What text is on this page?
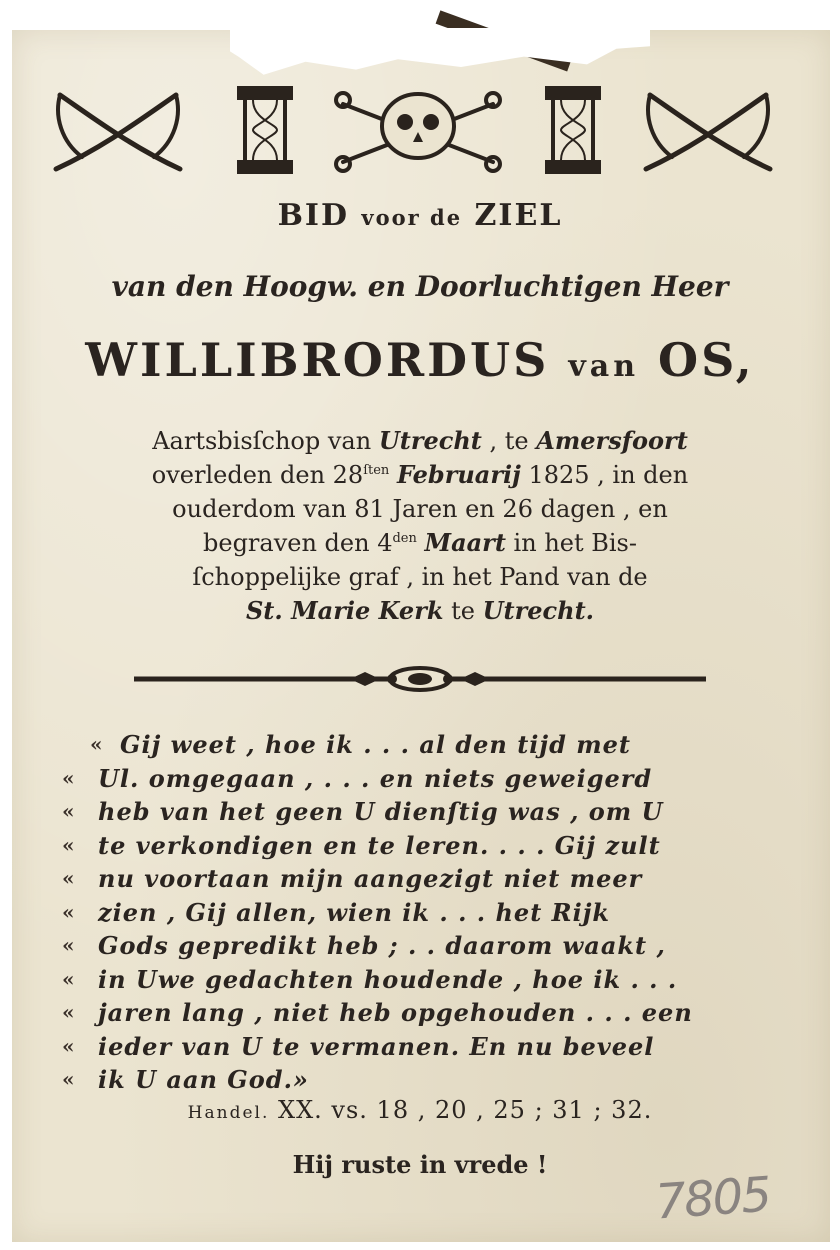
BID voor de ZIEL
van den Hoogw. en Doorluchtigen Heer
WILLIBRORDUS van OS,
Aartsbisſchop van Utrecht , te Amersfoort
overleden den $28^{ſten}$ Februarij 1825 , in den
ouderdom van 81 Jaren en 26 dagen , en
begraven den $4^{den}$ Maart in het Bis-
ſchoppelijke graf , in het Pand van de
St. Marie Kerk te Utrecht.
« Gij weet , hoe ik . . . al den tijd met
« Ul. omgegaan , . . . en niets geweigerd
« heb van het geen U dienſtig was , om U
« te verkondigen en te leren. . . . Gij zult
« nu voortaan mijn aangezigt niet meer
« zien , Gij allen, wien ik . . . het Rijk
« Gods gepredikt heb ; . . daarom waakt ,
« in Uwe gedachten houdende , hoe ik . . .
« jaren lang , niet heb opgehouden . . . een
« ieder van U te vermanen. En nu beveel
« ik U aan God.»
Handel. XX. vs. 18 , 20 , 25 ; 31 ; 32.
Hij ruste in vrede !
7805
